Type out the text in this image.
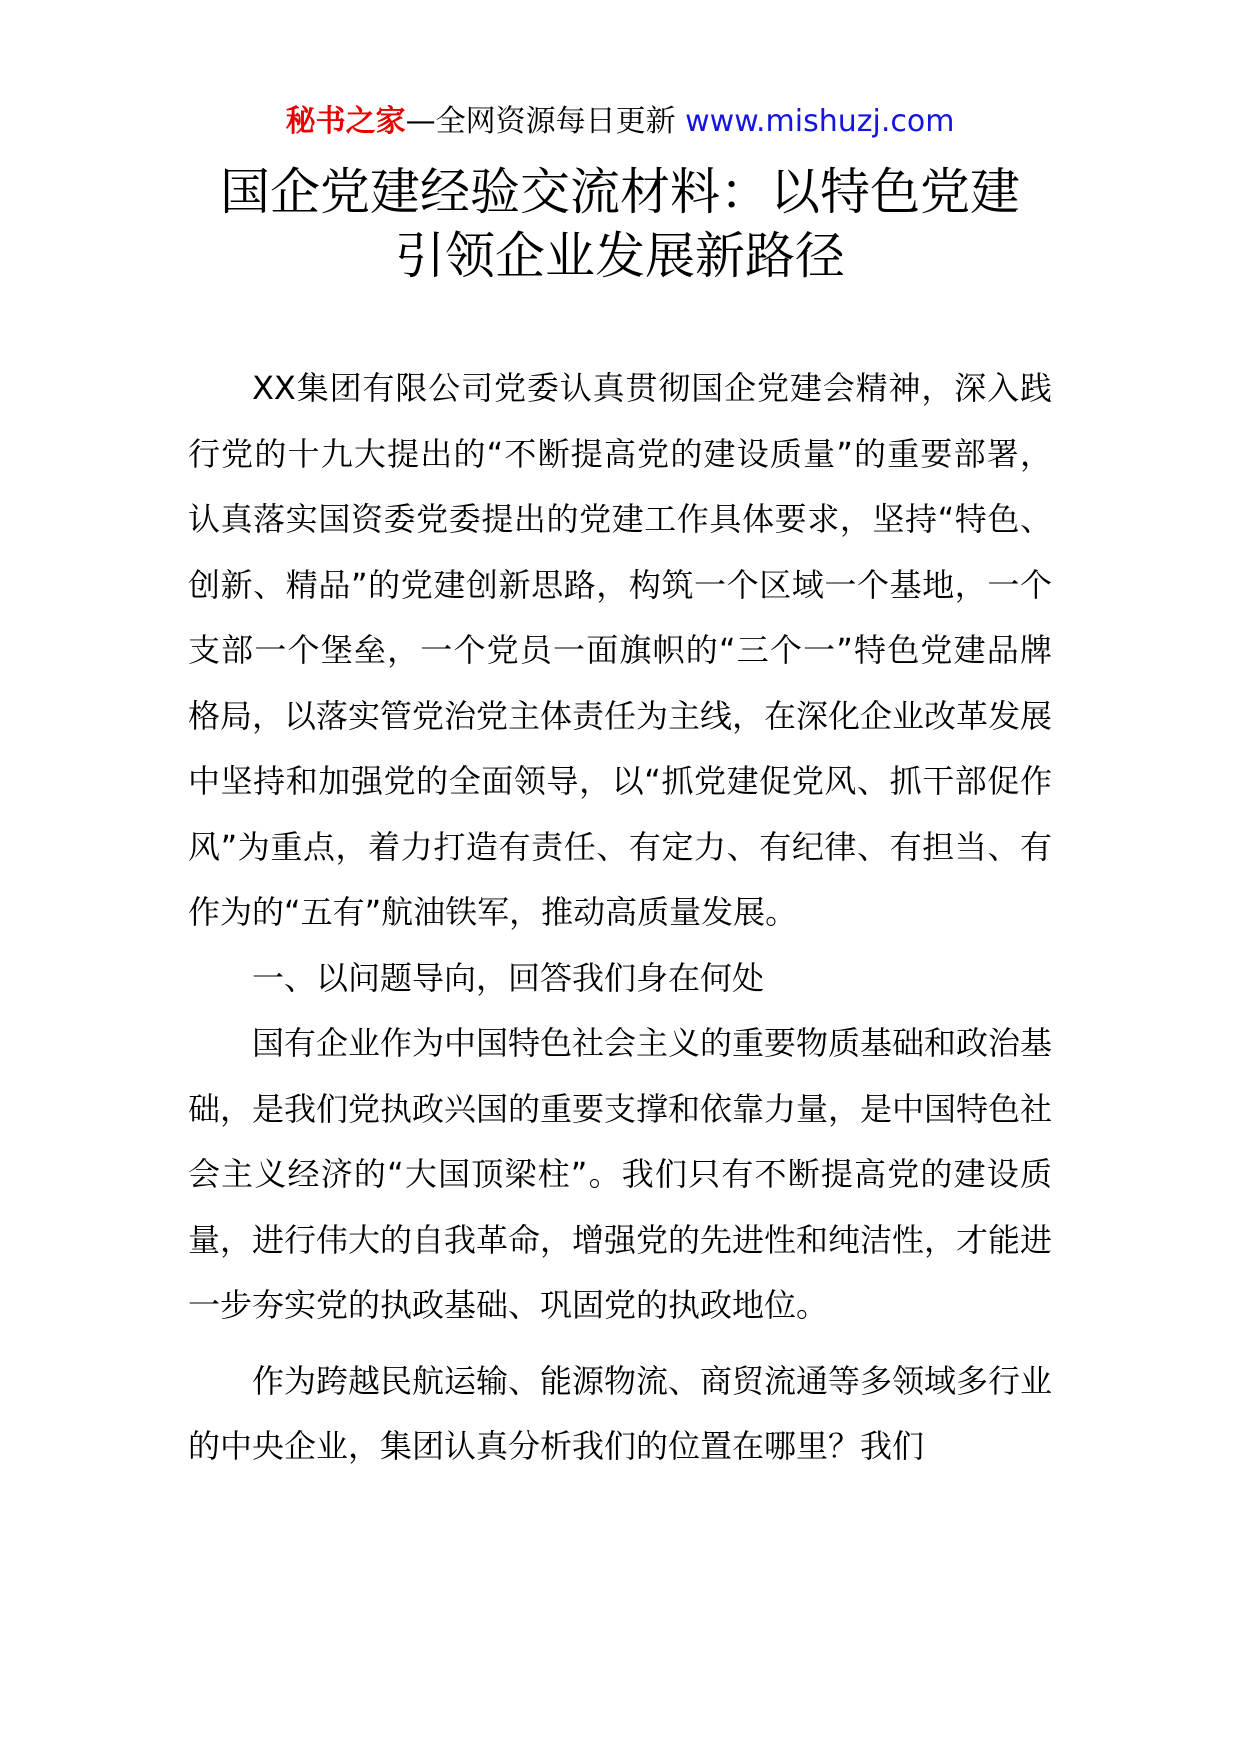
秘书之家—全网资源每日更新 www.mishuzj.com
国企党建经验交流材料：以特色党建
引领企业发展新路径

XX集团有限公司党委认真贯彻国企党建会精神，深入践行党的十九大提出的“不断提高党的建设质量”的重要部署，认真落实国资委党委提出的党建工作具体要求，坚持“特色、创新、精品”的党建创新思路，构筑一个区域一个基地，一个支部一个堡垒，一个党员一面旗帜的“三个一”特色党建品牌格局，以落实管党治党主体责任为主线，在深化企业改革发展中坚持和加强党的全面领导，以“抓党建促党风、抓干部促作风”为重点，着力打造有责任、有定力、有纪律、有担当、有作为的“五有”航油铁军，推动高质量发展。

一、以问题导向，回答我们身在何处

国有企业作为中国特色社会主义的重要物质基础和政治基础，是我们党执政兴国的重要支撑和依靠力量，是中国特色社会主义经济的“大国顶梁柱”。我们只有不断提高党的建设质量，进行伟大的自我革命，增强党的先进性和纯洁性，才能进一步夯实党的执政基础、巩固党的执政地位。

作为跨越民航运输、能源物流、商贸流通等多领域多行业的中央企业，集团认真分析我们的位置在哪里？我们
